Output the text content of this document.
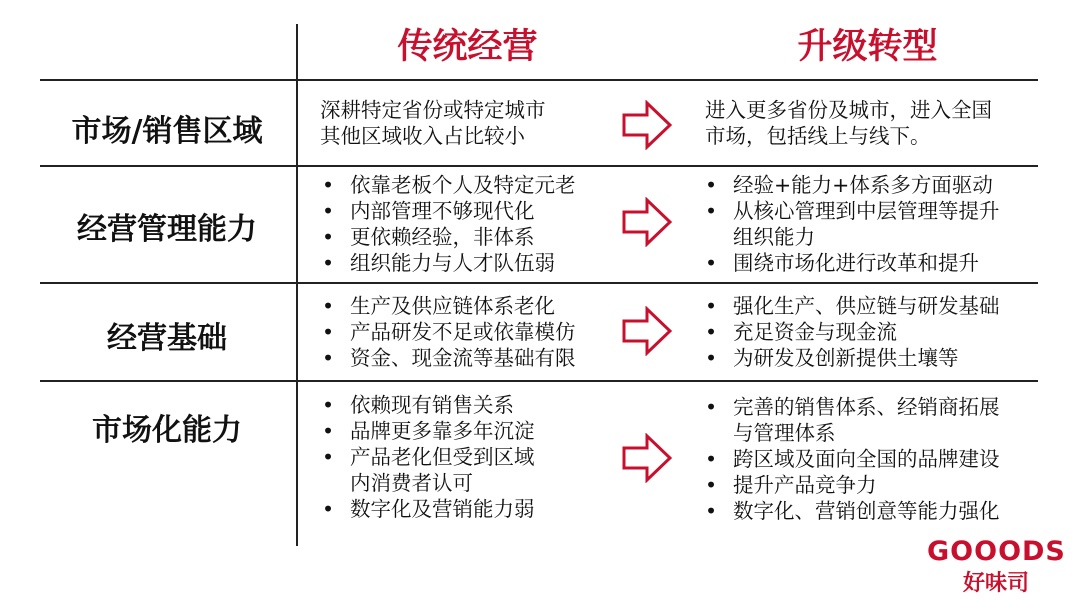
传统经营	升级转型
市场/销售区域
深耕特定省份或特定城市
其他区域收入占比较小
进入更多省份及城市，进入全国
市场，包括线上与线下。
经营管理能力
• 依靠老板个人及特定元老
• 内部管理不够现代化
• 更依赖经验，非体系
• 组织能力与人才队伍弱
• 经验+能力+体系多方面驱动
• 从核心管理到中层管理等提升
组织能力
• 围绕市场化进行改革和提升
经营基础
• 生产及供应链体系老化
• 产品研发不足或依靠模仿
• 资金、现金流等基础有限
• 强化生产、供应链与研发基础
• 充足资金与现金流
• 为研发及创新提供土壤等
市场化能力
• 依赖现有销售关系
• 品牌更多靠多年沉淀
• 产品老化但受到区域
内消费者认可
• 数字化及营销能力弱
• 完善的销售体系、经销商拓展
与管理体系
• 跨区域及面向全国的品牌建设
• 提升产品竞争力
• 数字化、营销创意等能力强化
GOOODS
好味司
